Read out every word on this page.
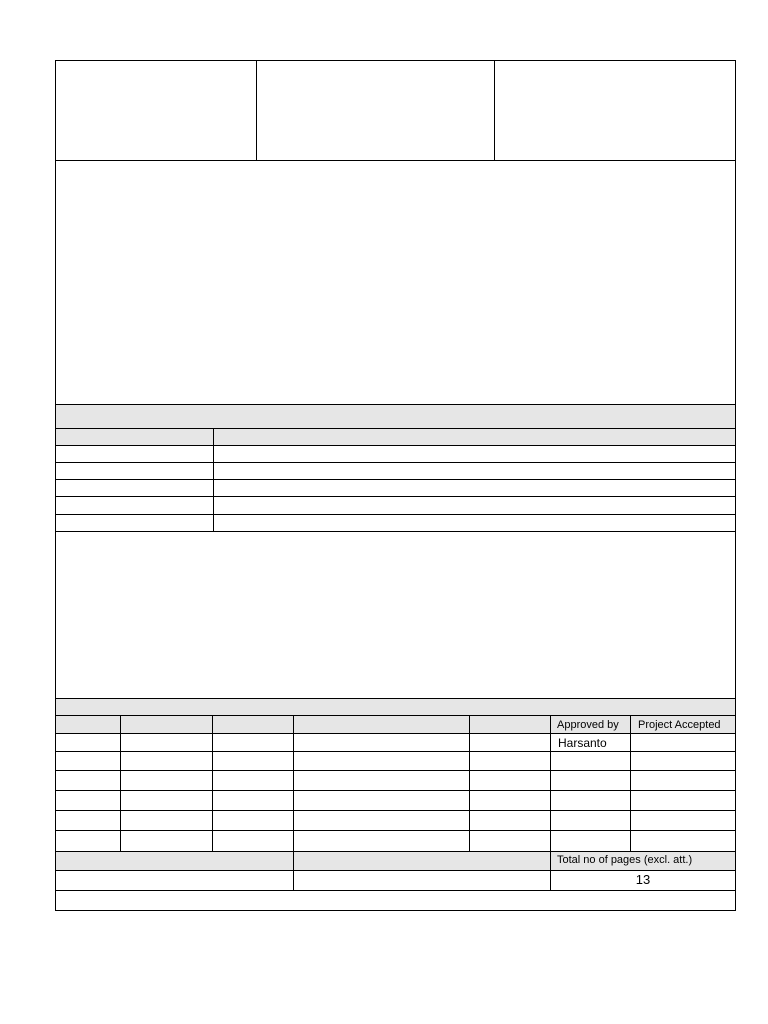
Approved by Project Accepted
Harsanto
Total no of pages (excl. att.)
13
